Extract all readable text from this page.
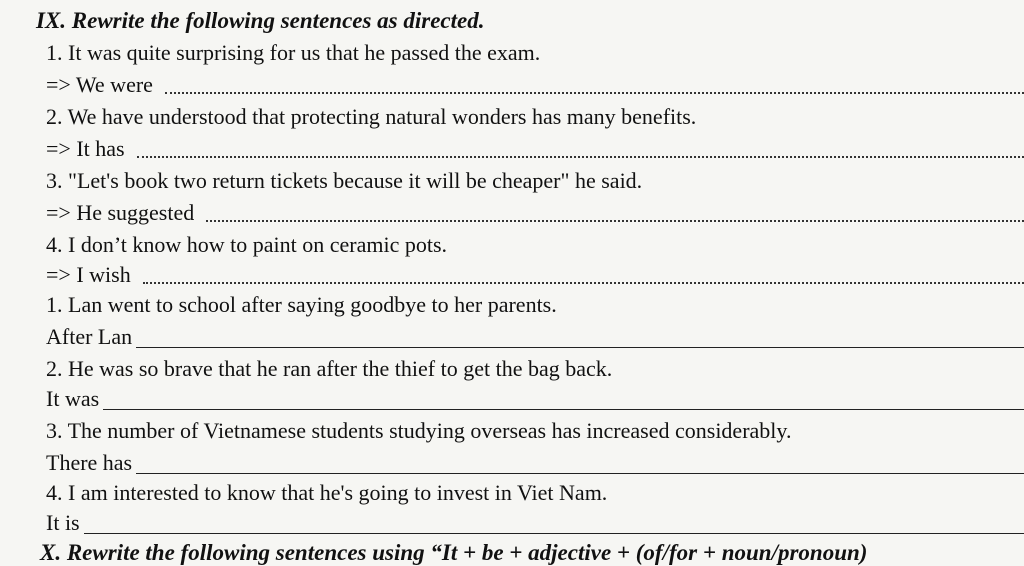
IX. Rewrite the following sentences as directed.
1. It was quite surprising for us that he passed the exam.
=> We were
2. We have understood that protecting natural wonders has many benefits.
=> It has
3. "Let's book two return tickets because it will be cheaper" he said.
=> He suggested
4. I don’t know how to paint on ceramic pots.
=> I wish
1. Lan went to school after saying goodbye to her parents.
After Lan
2. He was so brave that he ran after the thief to get the bag back.
It was
3. The number of Vietnamese students studying overseas has increased considerably.
There has
4. I am interested to know that he's going to invest in Viet Nam.
It is
X. Rewrite the following sentences using “It + be + adjective + (of/for + noun/pronoun)
